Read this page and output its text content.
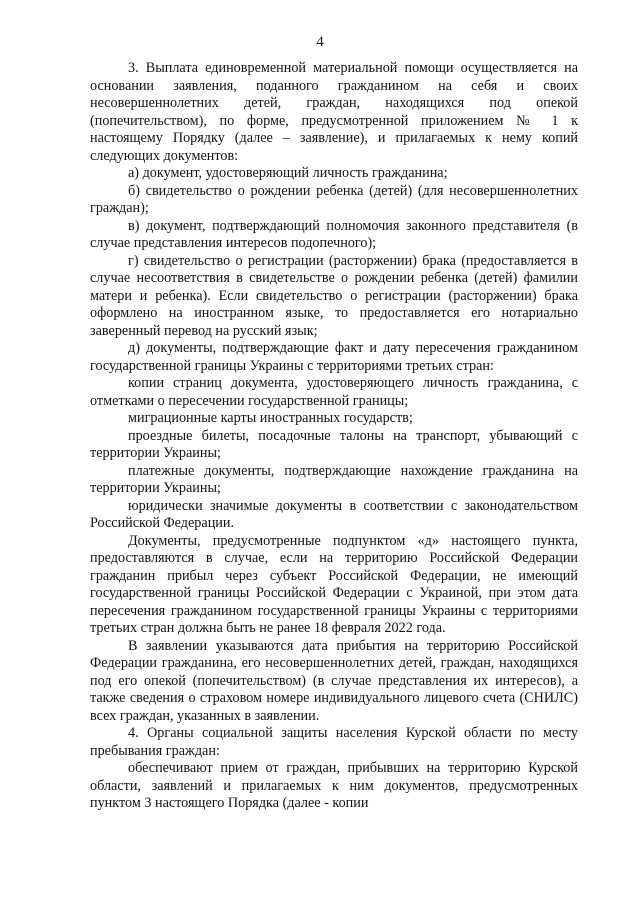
4

3. Выплата единовременной материальной помощи осуществляется на основании заявления, поданного гражданином на себя и своих несовершеннолетних детей, граждан, находящихся под опекой (попечительством), по форме, предусмотренной приложением № 1 к настоящему Порядку (далее – заявление), и прилагаемых к нему копий следующих документов:

а) документ, удостоверяющий личность гражданина;

б) свидетельство о рождении ребенка (детей) (для несовершеннолетних граждан);

в) документ, подтверждающий полномочия законного представителя (в случае представления интересов подопечного);

г) свидетельство о регистрации (расторжении) брака (предоставляется в случае несоответствия в свидетельстве о рождении ребенка (детей) фамилии матери и ребенка). Если свидетельство о регистрации (расторжении) брака оформлено на иностранном языке, то предоставляется его нотариально заверенный перевод на русский язык;

д) документы, подтверждающие факт и дату пересечения гражданином государственной границы Украины с территориями третьих стран:

копии страниц документа, удостоверяющего личность гражданина, с отметками о пересечении государственной границы;

миграционные карты иностранных государств;

проездные билеты, посадочные талоны на транспорт, убывающий с территории Украины;

платежные документы, подтверждающие нахождение гражданина на территории Украины;

юридически значимые документы в соответствии с законодательством Российской Федерации.

Документы, предусмотренные подпунктом «д» настоящего пункта, предоставляются в случае, если на территорию Российской Федерации гражданин прибыл через субъект Российской Федерации, не имеющий государственной границы Российской Федерации с Украиной, при этом дата пересечения гражданином государственной границы Украины с территориями третьих стран должна быть не ранее 18 февраля 2022 года.

В заявлении указываются дата прибытия на территорию Российской Федерации гражданина, его несовершеннолетних детей, граждан, находящихся под его опекой (попечительством) (в случае представления их интересов), а также сведения о страховом номере индивидуального лицевого счета (СНИЛС) всех граждан, указанных в заявлении.

4. Органы социальной защиты населения Курской области по месту пребывания граждан:

обеспечивают прием от граждан, прибывших на территорию Курской области, заявлений и прилагаемых к ним документов, предусмотренных пунктом 3 настоящего Порядка (далее - копии
